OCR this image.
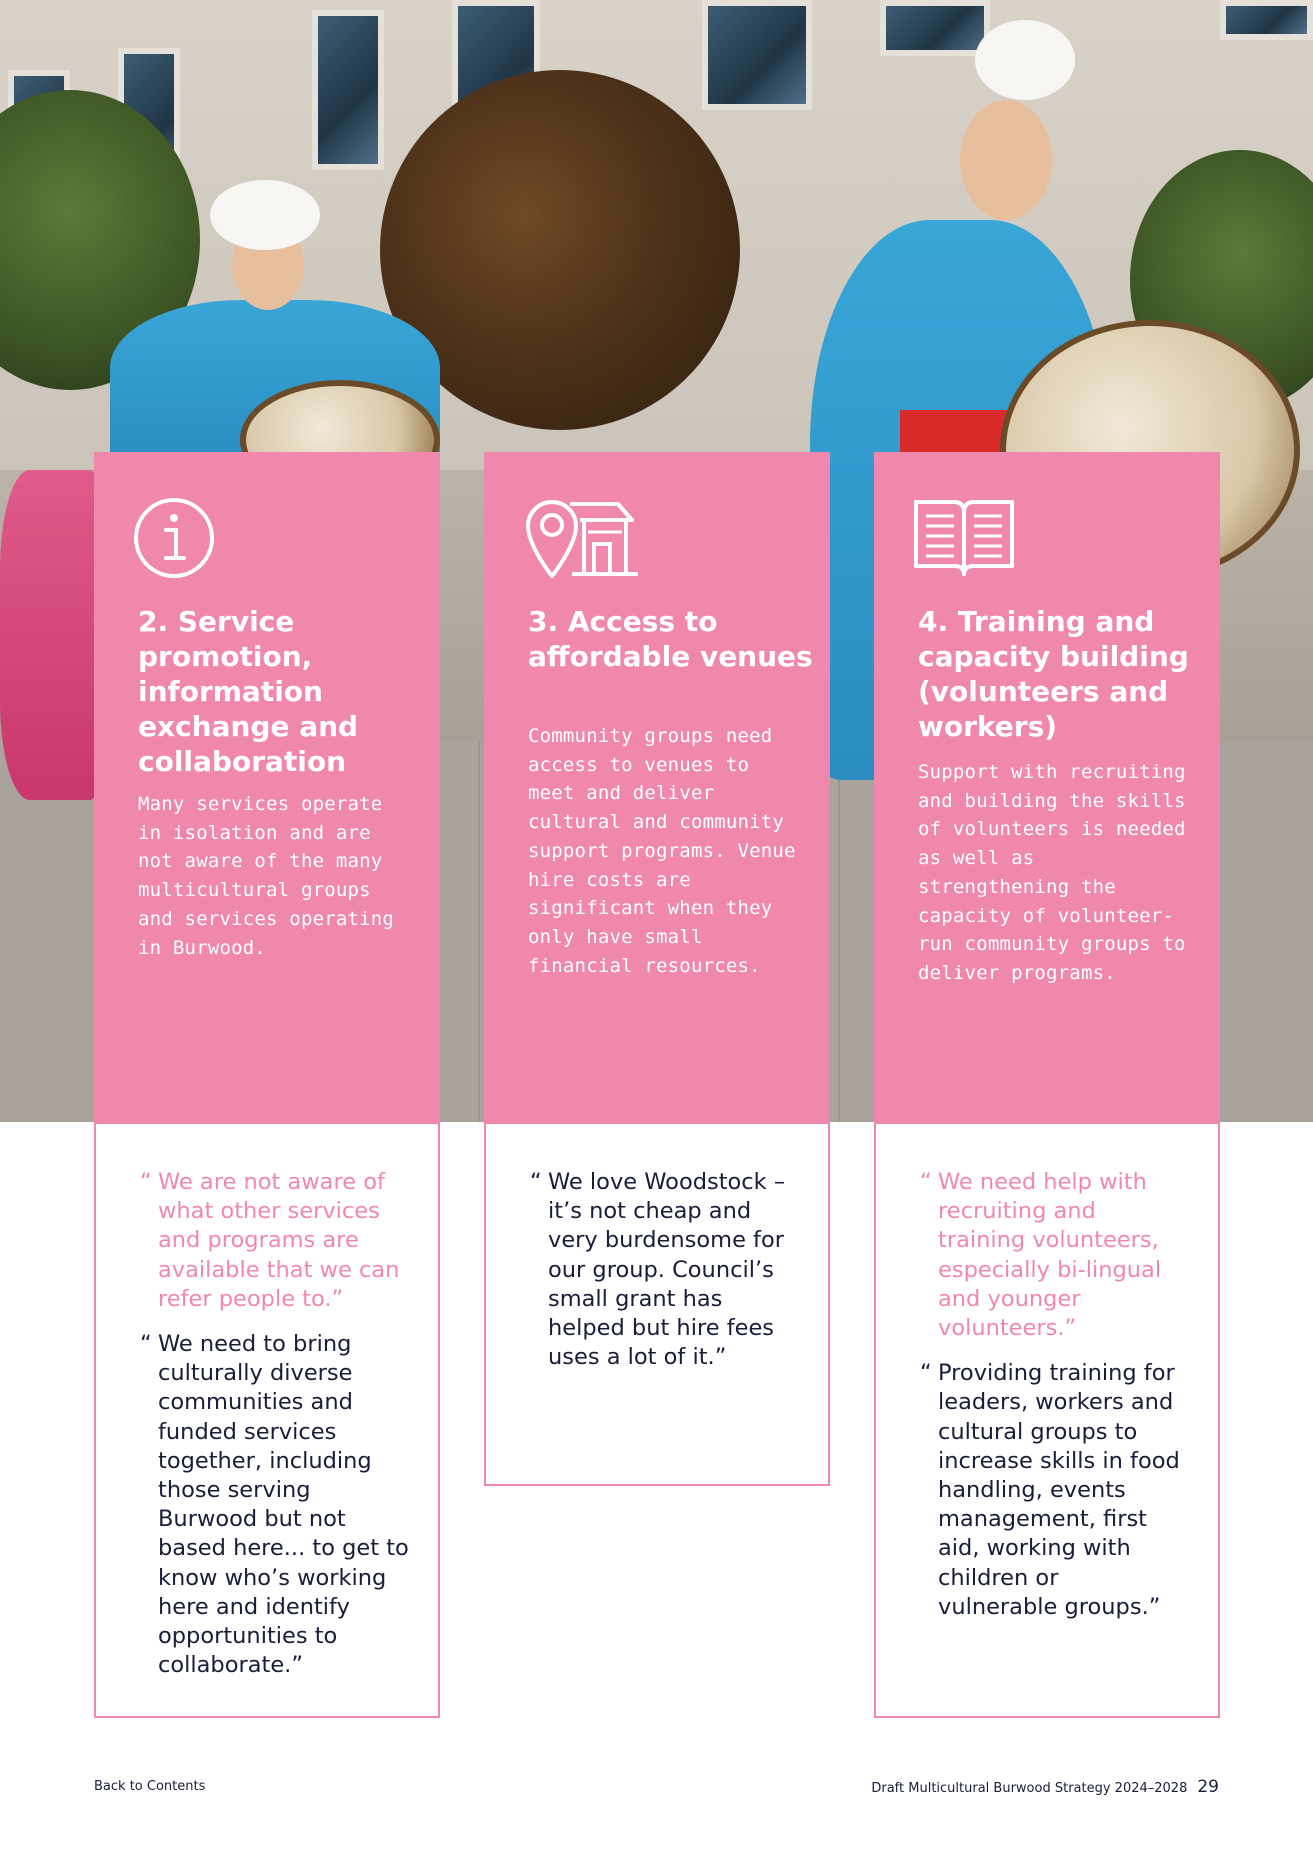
2. Service promotion, information exchange and collaboration

Many services operate in isolation and are not aware of the many multicultural groups and services operating in Burwood.

3. Access to affordable venues

Community groups need access to venues to meet and deliver cultural and community support programs. Venue hire costs are significant when they only have small financial resources.

4. Training and capacity building (volunteers and workers)

Support with recruiting and building the skills of volunteers is needed as well as strengthening the capacity of volunteer-run community groups to deliver programs.

“ We are not aware of what other services and programs are available that we can refer people to.”

“ We need to bring culturally diverse communities and funded services together, including those serving Burwood but not based here... to get to know who’s working here and identify opportunities to collaborate.”

“ We love Woodstock – it’s not cheap and very burdensome for our group. Council’s small grant has helped but hire fees uses a lot of it.”

“ We need help with recruiting and training volunteers, especially bi-lingual and younger volunteers.”

“ Providing training for leaders, workers and cultural groups to increase skills in food handling, events management, first aid, working with children or vulnerable groups.”

Back to Contents	Draft Multicultural Burwood Strategy 2024–2028 29
